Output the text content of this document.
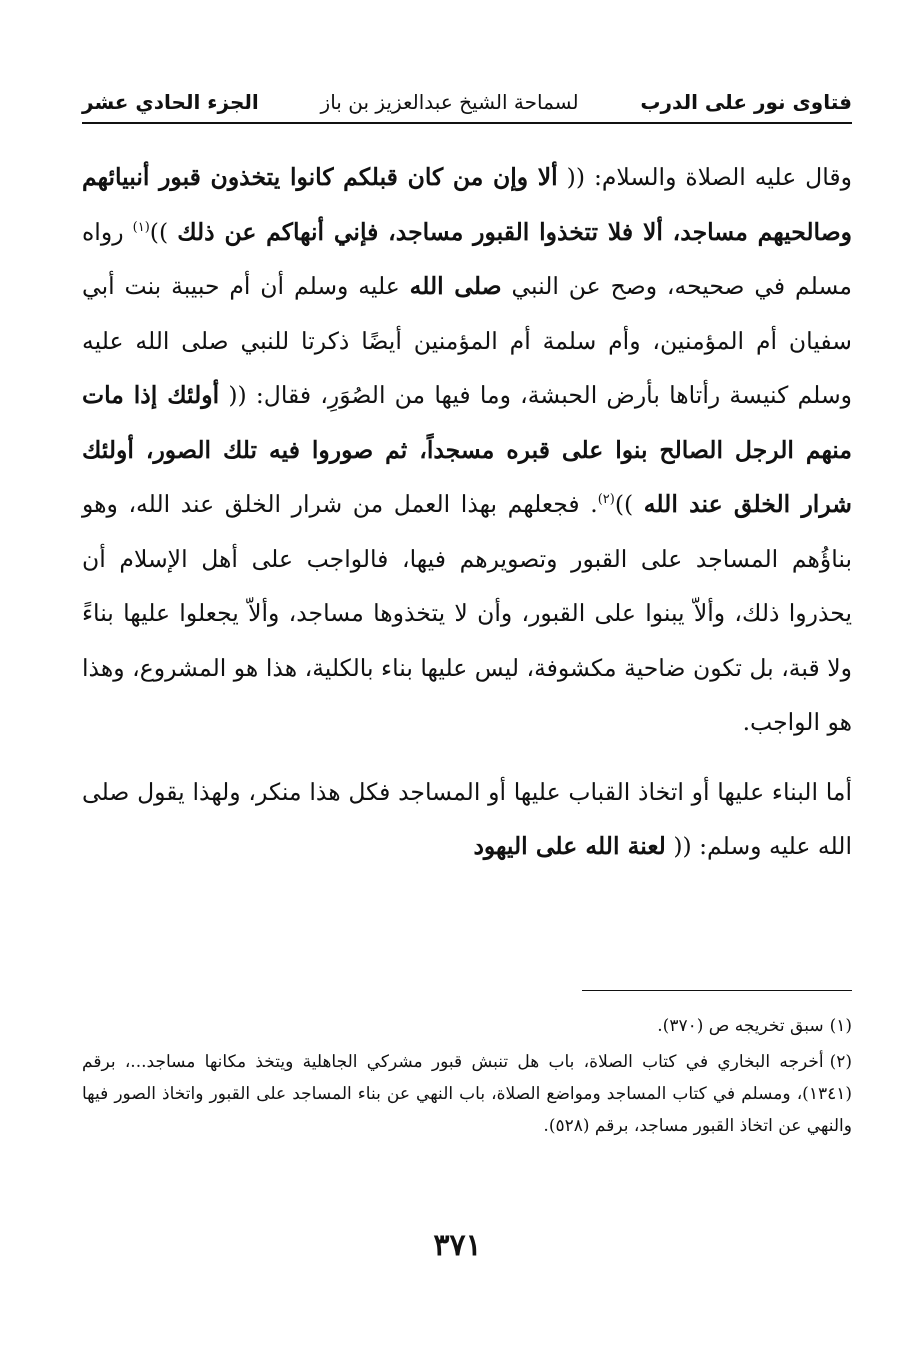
فتاوى نور على الدرب
لسماحة الشيخ عبدالعزيز بن باز
الجزء الحادي عشر

وقال عليه الصلاة والسلام: (( ألا وإن من كان قبلكم كانوا يتخذون قبور أنبيائهم وصالحيهم مساجد، ألا فلا تتخذوا القبور مساجد، فإني أنهاكم عن ذلك ))$^{(١)}$ رواه مسلم في صحيحه، وصح عن النبي صلى الله عليه وسلم أن أم حبيبة بنت أبي سفيان أم المؤمنين، وأم سلمة أم المؤمنين أيضًا ذكرتا للنبي صلى الله عليه وسلم كنيسة رأتاها بأرض الحبشة، وما فيها من الصُوَرِ، فقال: (( أولئك إذا مات منهم الرجل الصالح بنوا على قبره مسجداً، ثم صوروا فيه تلك الصور، أولئك شرار الخلق عند الله ))$^{(٢)}$. فجعلهم بهذا العمل من شرار الخلق عند الله، وهو بناؤُهم المساجد على القبور وتصويرهم فيها، فالواجب على أهل الإسلام أن يحذروا ذلك، وألاّ يبنوا على القبور، وأن لا يتخذوها مساجد، وألاّ يجعلوا عليها بناءً ولا قبة، بل تكون ضاحية مكشوفة، ليس عليها بناء بالكلية، هذا هو المشروع، وهذا هو الواجب.

أما البناء عليها أو اتخاذ القباب عليها أو المساجد فكل هذا منكر، ولهذا يقول صلى الله عليه وسلم: (( لعنة الله على اليهود

(١)سبق تخريجه ص (٣٧٠).

(٢)أخرجه البخاري في كتاب الصلاة، باب هل تنبش قبور مشركي الجاهلية ويتخذ مكانها مساجد...، برقم (١٣٤١)، ومسلم في كتاب المساجد ومواضع الصلاة، باب النهي عن بناء المساجد على القبور واتخاذ الصور فيها والنهي عن اتخاذ القبور مساجد، برقم (٥٢٨).

٣٧١
